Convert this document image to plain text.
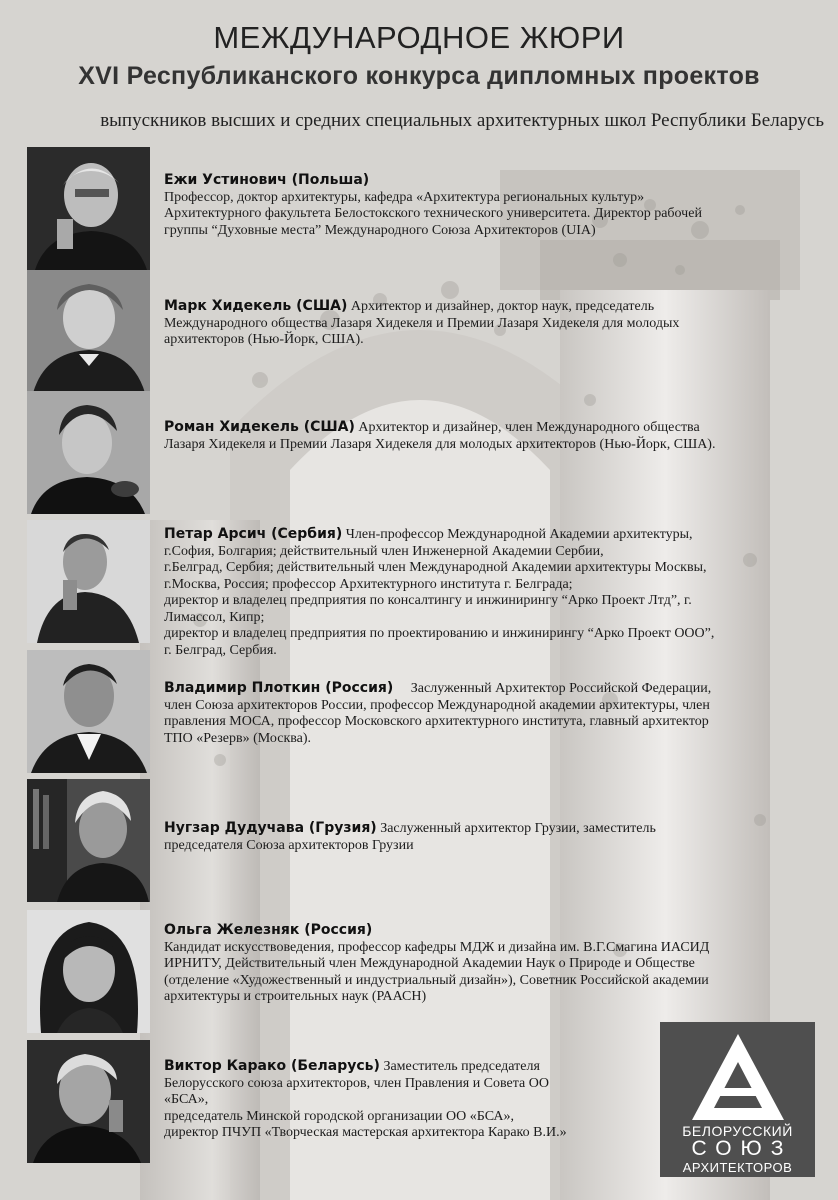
МЕЖДУНАРОДНОЕ ЖЮРИ
XVI Республиканского конкурса дипломных проектов
выпускников высших и средних специальных архитектурных школ Республики Беларусь
Ежи Устинович (Польша)
Профессор, доктор архитектуры, кафедра «Архитектура региональных культур»
Архитектурного факультета Белостокского технического университета. Директор рабочей
группы “Духовные места” Международного Союза Архитекторов (UIA)
Марк Хидекель (США) Архитектор и дизайнер, доктор наук, председатель
Международного общества Лазаря Хидекеля и Премии Лазаря Хидекеля для молодых
архитекторов (Нью-Йорк, США).
Роман Хидекель (США) Архитектор и дизайнер, член Международного общества
Лазаря Хидекеля и Премии Лазаря Хидекеля для молодых архитекторов (Нью-Йорк, США).
Петар Арсич (Сербия) Член-профессор Международной Академии архитектуры,
г.София, Болгария; действительный член Инженерной Академии Сербии,
г.Белград, Сербия; действительный член Международной Академии архитектуры Москвы,
г.Москва, Россия; профессор Архитектурного института г. Белграда;
директор и владелец предприятия по консалтингу и инжинирингу “Арко Проект Лтд”, г.
Лимассол, Кипр;
директор и владелец предприятия по проектированию и инжинирингу “Арко Проект ООО”,
г. Белград, Сербия.
Владимир Плоткин (Россия)     Заслуженный Архитектор Российской Федерации,
член Союза архитекторов России, профессор Международной академии архитектуры, член
правления МОСА, профессор Московского архитектурного института, главный архитектор
ТПО «Резерв» (Москва).
Нугзар Дудучава (Грузия) Заслуженный архитектор Грузии, заместитель
председателя Союза архитекторов Грузии
Ольга Железняк (Россия)
Кандидат искусствоведения, профессор кафедры МДЖ и дизайна им. В.Г.Смагина ИАСИД
ИРНИТУ, Действительный член Международной Академии Наук о Природе и Обществе
(отделение «Художественный и индустриальный дизайн»), Советник Российской академии
архитектуры и строительных наук (РААСН)
Виктор Карако (Беларусь) Заместитель председателя
Белорусского союза архитекторов, член Правления и Совета ОО
«БСА»,
председатель Минской городской организации ОО «БСА»,
директор ПЧУП «Творческая мастерская архитектора Карако В.И.»	БЕЛОРУССКИЙ
СОЮЗ
АРХИТЕКТОРОВ
